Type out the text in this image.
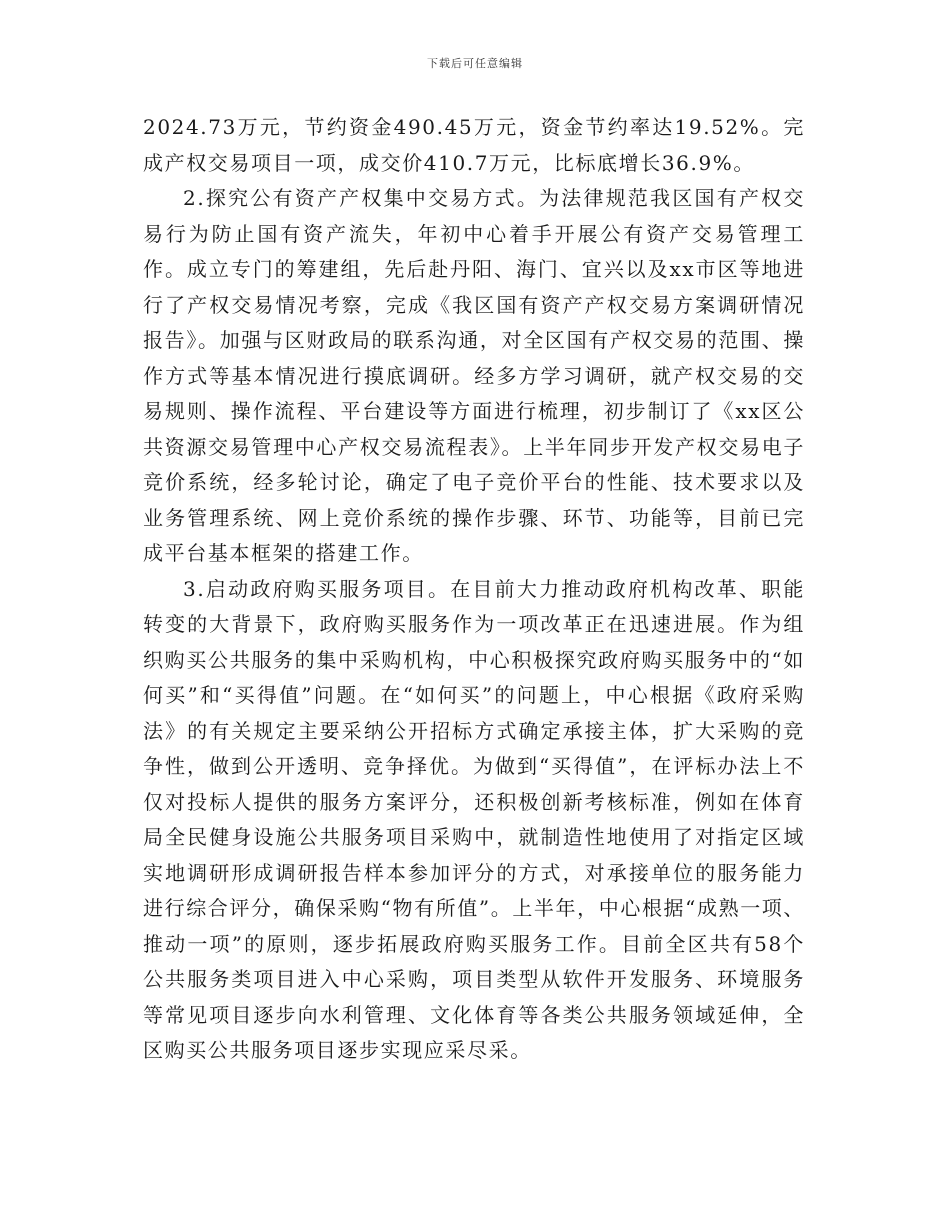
下载后可任意编辑

2024.73万元，节约资金490.45万元，资金节约率达19.52%。完成产权交易项目一项，成交价410.7万元，比标底增长36.9%。

2.探究公有资产产权集中交易方式。为法律规范我区国有产权交易行为防止国有资产流失，年初中心着手开展公有资产交易管理工作。成立专门的筹建组，先后赴丹阳、海门、宜兴以及xx市区等地进行了产权交易情况考察，完成《我区国有资产产权交易方案调研情况报告》。加强与区财政局的联系沟通，对全区国有产权交易的范围、操作方式等基本情况进行摸底调研。经多方学习调研，就产权交易的交易规则、操作流程、平台建设等方面进行梳理，初步制订了《xx区公共资源交易管理中心产权交易流程表》。上半年同步开发产权交易电子竞价系统，经多轮讨论，确定了电子竞价平台的性能、技术要求以及业务管理系统、网上竞价系统的操作步骤、环节、功能等，目前已完成平台基本框架的搭建工作。

3.启动政府购买服务项目。在目前大力推动政府机构改革、职能转变的大背景下，政府购买服务作为一项改革正在迅速进展。作为组织购买公共服务的集中采购机构，中心积极探究政府购买服务中的“如何买”和“买得值”问题。在“如何买”的问题上，中心根据《政府采购法》的有关规定主要采纳公开招标方式确定承接主体，扩大采购的竞争性，做到公开透明、竞争择优。为做到“买得值”，在评标办法上不仅对投标人提供的服务方案评分，还积极创新考核标准，例如在体育局全民健身设施公共服务项目采购中，就制造性地使用了对指定区域实地调研形成调研报告样本参加评分的方式，对承接单位的服务能力进行综合评分，确保采购“物有所值”。上半年，中心根据“成熟一项、推动一项”的原则，逐步拓展政府购买服务工作。目前全区共有58个公共服务类项目进入中心采购，项目类型从软件开发服务、环境服务等常见项目逐步向水利管理、文化体育等各类公共服务领域延伸，全区购买公共服务项目逐步实现应采尽采。
